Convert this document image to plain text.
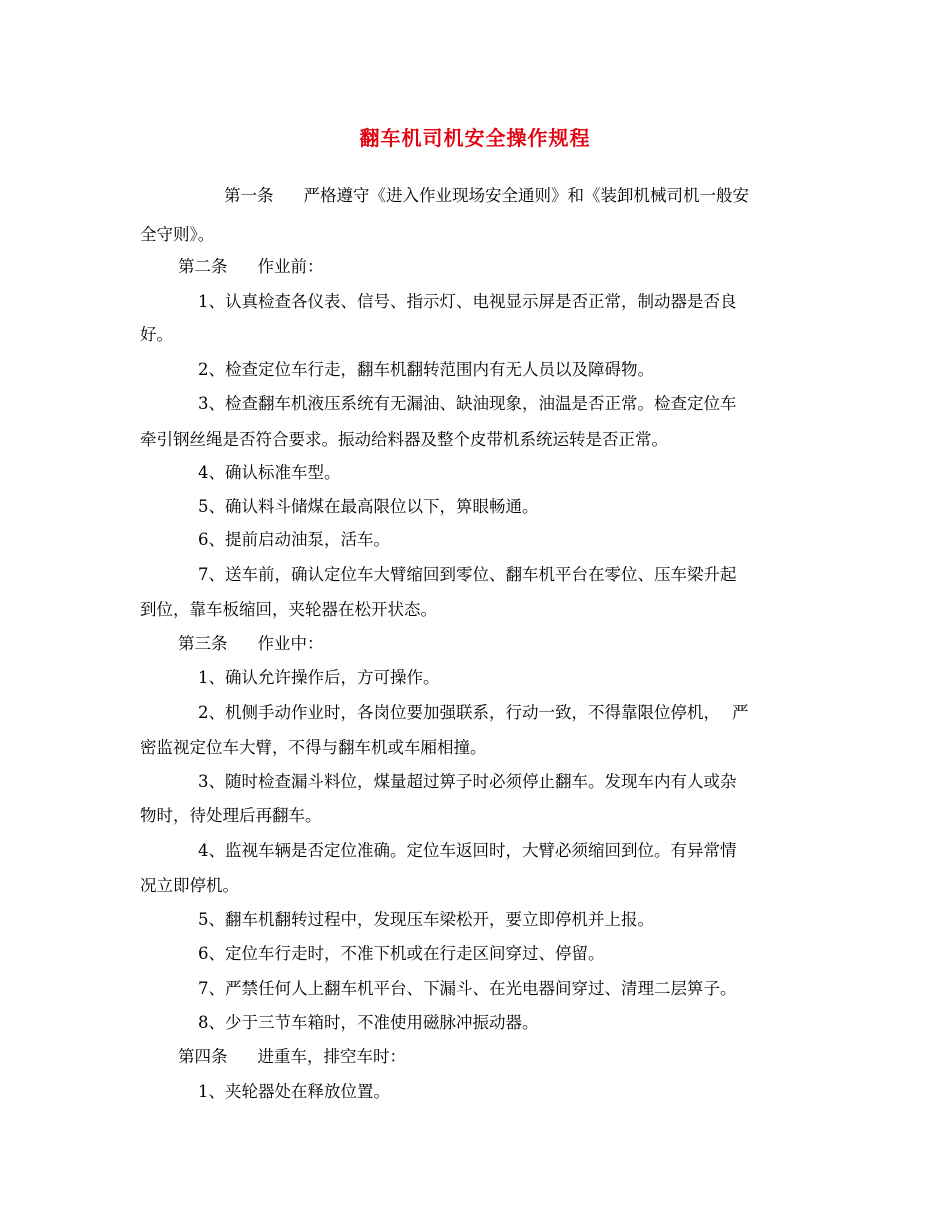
翻车机司机安全操作规程
第一条 严格遵守《进入作业现场安全通则》和《装卸机械司机一般安
全守则》。
第二条 作业前：
1、认真检查各仪表、信号、指示灯、电视显示屏是否正常，制动器是否良
好。
2、检查定位车行走，翻车机翻转范围内有无人员以及障碍物。
3、检查翻车机液压系统有无漏油、缺油现象，油温是否正常。检查定位车
牵引钢丝绳是否符合要求。振动给料器及整个皮带机系统运转是否正常。
4、确认标准车型。
5、确认料斗储煤在最高限位以下，箅眼畅通。
6、提前启动油泵，活车。
7、送车前，确认定位车大臂缩回到零位、翻车机平台在零位、压车梁升起
到位，靠车板缩回，夹轮器在松开状态。
第三条 作业中：
1、确认允许操作后，方可操作。
2、机侧手动作业时，各岗位要加强联系，行动一致，不得靠限位停机， 严
密监视定位车大臂，不得与翻车机或车厢相撞。
3、随时检查漏斗料位，煤量超过箅子时必须停止翻车。发现车内有人或杂
物时，待处理后再翻车。
4、监视车辆是否定位准确。定位车返回时，大臂必须缩回到位。有异常情
况立即停机。
5、翻车机翻转过程中，发现压车梁松开，要立即停机并上报。
6、定位车行走时，不准下机或在行走区间穿过、停留。
7、严禁任何人上翻车机平台、下漏斗、在光电器间穿过、清理二层箅子。
8、少于三节车箱时，不准使用磁脉冲振动器。
第四条 进重车，排空车时：
1、夹轮器处在释放位置。
